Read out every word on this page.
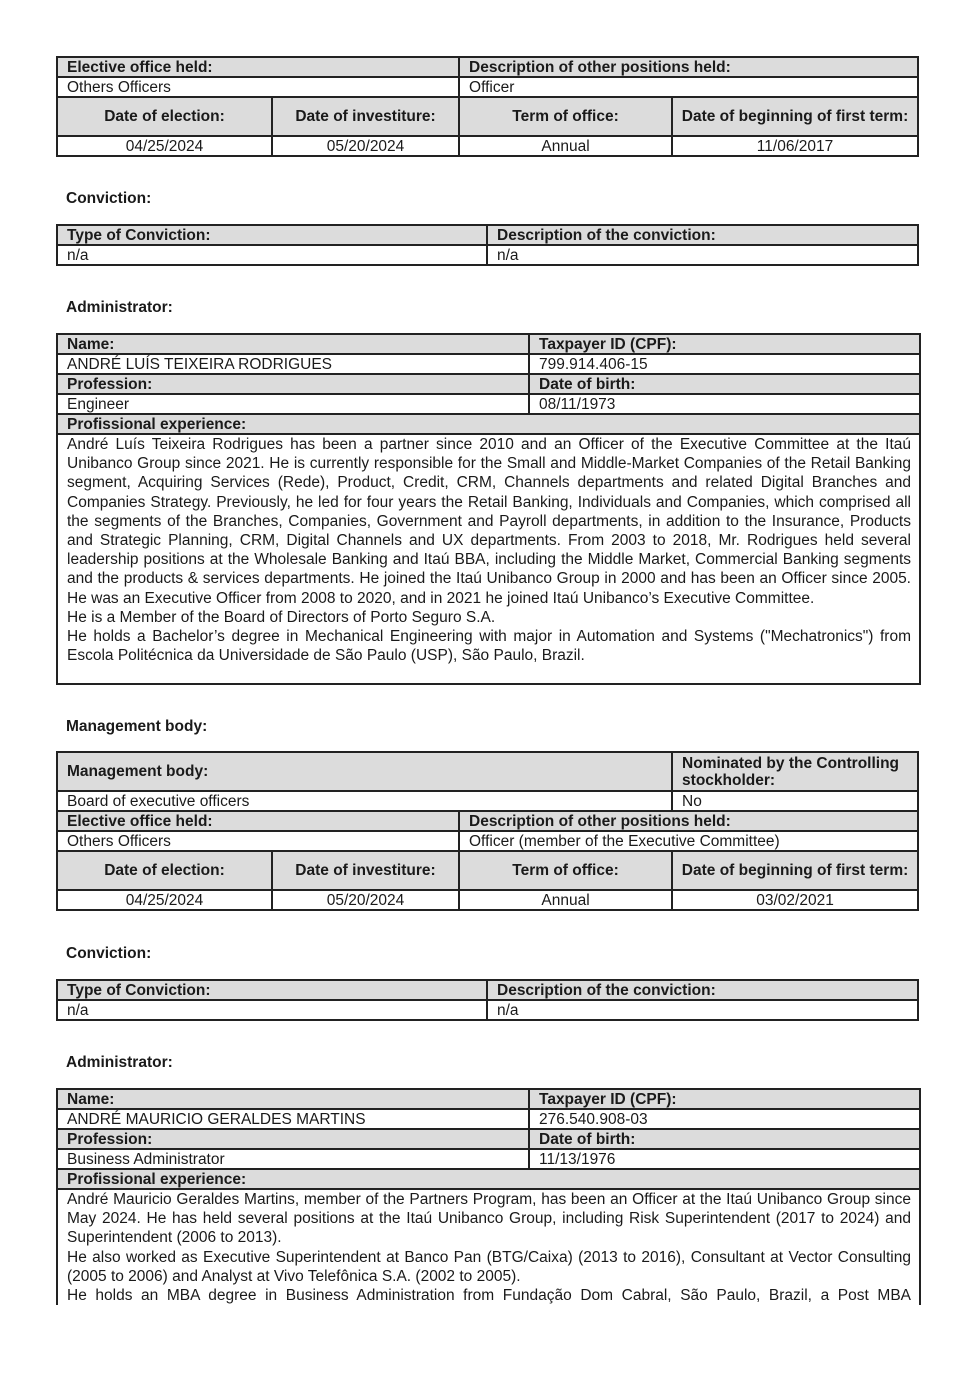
Elective office held:		Description of other positions held:	
Others Officers		Officer	
Date of election:	Date of investiture:	Term of office:	Date of beginning of first term:
04/25/2024	05/20/2024	Annual	11/06/2017
Conviction:
Type of Conviction:	Description of the conviction:
n/a	n/a
Administrator:
Name:	Taxpayer ID (CPF):
ANDRÉ LUÍS TEIXEIRA RODRIGUES	799.914.406-15
Profession:	Date of birth:
Engineer	08/11/1973
Profissional experience:	

André Luís Teixeira Rodrigues has been a partner since 2010 and an Officer of the Executive Committee at the Itaú Unibanco Group since 2021. He is currently responsible for the Small and Middle-Market Companies of the Retail Banking segment, Acquiring Services (Rede), Product, Credit, CRM, Channels departments and related Digital Branches and Companies Strategy. Previously, he led for four years the Retail Banking, Individuals and Companies, which comprised all the segments of the Branches, Companies, Government and Payroll departments, in addition to the Insurance, Products and Strategic Planning, CRM, Digital Channels and UX departments. From 2003 to 2018, Mr. Rodrigues held several leadership positions at the Wholesale Banking and Itaú BBA, including the Middle Market, Commercial Banking segments and the products & services departments. He joined the Itaú Unibanco Group in 2000 and has been an Officer since 2005. He was an Executive Officer from 2008 to 2020, and in 2021 he joined Itaú Unibanco’s Executive Committee.

He is a Member of the Board of Directors of Porto Seguro S.A.

He holds a Bachelor’s degree in Mechanical Engineering with major in Automation and Systems ("Mechatronics") from Escola Politécnica da Universidade de São Paulo (USP), São Paulo, Brazil.	

Management body:
Management body:			Nominated by the Controlling stockholder:
Board of executive officers			No
Elective office held:		Description of other positions held:	
Others Officers		Officer (member of the Executive Committee)	
Date of election:	Date of investiture:	Term of office:	Date of beginning of first term:
04/25/2024	05/20/2024	Annual	03/02/2021
Conviction:
Type of Conviction:	Description of the conviction:
n/a	n/a
Administrator:
Name:	Taxpayer ID (CPF):
ANDRÉ MAURICIO GERALDES MARTINS	276.540.908-03
Profession:	Date of birth:
Business Administrator	11/13/1976
Profissional experience:	

André Mauricio Geraldes Martins, member of the Partners Program, has been an Officer at the Itaú Unibanco Group since May 2024. He has held several positions at the Itaú Unibanco Group, including Risk Superintendent (2017 to 2024) and Superintendent (2006 to 2013).

He also worked as Executive Superintendent at Banco Pan (BTG/Caixa) (2013 to 2016), Consultant at Vector Consulting (2005 to 2006) and Analyst at Vivo Telefônica S.A. (2002 to 2005).

He holds an MBA degree in Business Administration from Fundação Dom Cabral, São Paulo, Brazil, a Post MBA	
